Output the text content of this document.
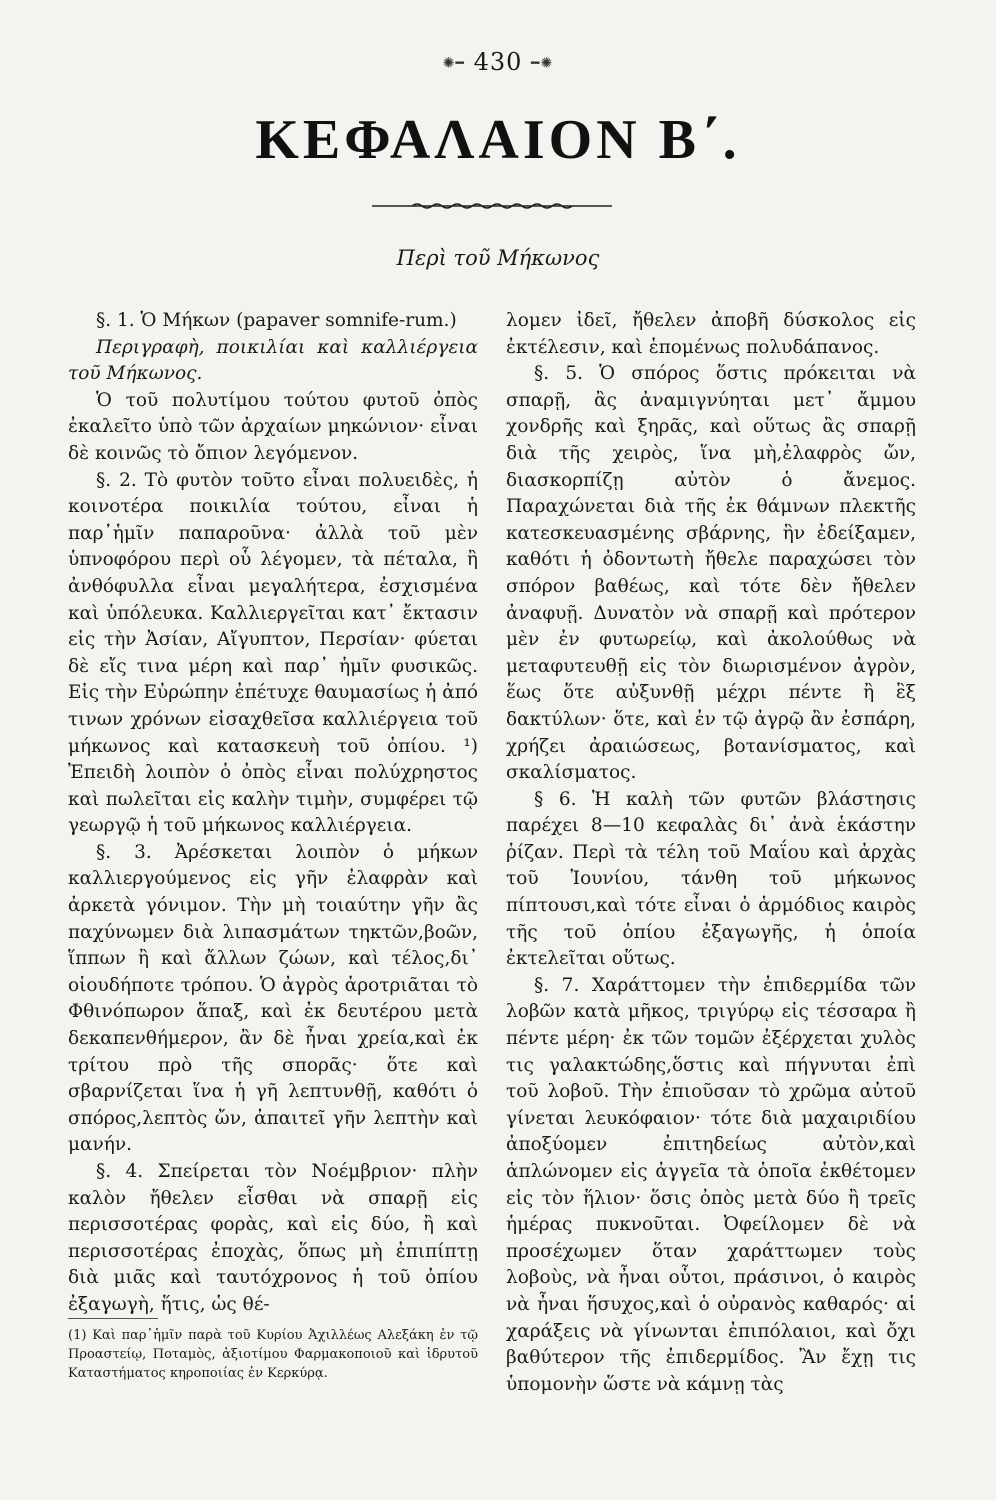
✺━ 430 ━✺
ΚΕΦΑΛΑΙΟΝ Β΄.
Περὶ τοῦ Μήκωνος

§. 1. Ὁ Μήκων (papaver somnife-rum.)

Περιγραφὴ, ποικιλίαι καὶ καλλιέργεια τοῦ Μήκωνος.

Ὁ τοῦ πολυτίμου τούτου φυτοῦ ὀπὸς ἐκαλεῖτο ὑπὸ τῶν ἀρχαίων μηκώνιον· εἶναι δὲ κοινῶς τὸ ὄπιον λεγόμενον.

§. 2. Τὸ φυτὸν τοῦτο εἶναι πολυειδὲς, ἡ κοινοτέρα ποικιλία τούτου, εἶναι ἡ παρ᾽ἡμῖν παπαροῦνα· ἀλλὰ τοῦ μὲν ὑπνοφόρου περὶ οὗ λέγομεν, τὰ πέταλα, ἢ ἀνθόφυλλα εἶναι μεγαλήτερα, ἐσχισμένα καὶ ὑπόλευκα. Καλλιεργεῖται κατ᾽ ἔκτασιν εἰς τὴν Ἀσίαν, Αἴγυπτον, Περσίαν· φύεται δὲ εἴς τινα μέρη καὶ παρ᾽ ἡμῖν φυσικῶς. Εἰς τὴν Εὐρώπην ἐπέτυχε θαυμασίως ἡ ἀπό τινων χρόνων εἰσαχθεῖσα καλλιέργεια τοῦ μήκωνος καὶ κατασκευὴ τοῦ ὀπίου. ¹) Ἐπειδὴ λοιπὸν ὁ ὀπὸς εἶναι πολύχρηστος καὶ πωλεῖται εἰς καλὴν τιμὴν, συμφέρει τῷ γεωργῷ ἡ τοῦ μήκωνος καλλιέργεια.

§. 3. Ἀρέσκεται λοιπὸν ὁ μήκων καλλιεργούμενος εἰς γῆν ἐλαφρὰν καὶ ἀρκετὰ γόνιμον. Τὴν μὴ τοιαύτην γῆν ἂς παχύνωμεν διὰ λιπασμάτων τηκτῶν,βοῶν, ἵππων ἢ καὶ ἄλλων ζώων, καὶ τέλος,δι᾽ οἱουδήποτε τρόπου. Ὁ ἀγρὸς ἀροτριᾶται τὸ Φθινόπωρον ἅπαξ, καὶ ἐκ δευτέρου μετὰ δεκαπενθήμερον, ἂν δὲ ἦναι χρεία,καὶ ἐκ τρίτου πρὸ τῆς σπορᾶς· ὅτε καὶ σβαρνίζεται ἵνα ἡ γῆ λεπτυνθῇ, καθότι ὁ σπόρος,λεπτὸς ὤν, ἀπαιτεῖ γῆν λεπτὴν καὶ μανήν.

§. 4. Σπείρεται τὸν Νοέμβριον· πλὴν καλὸν ἤθελεν εἶσθαι νὰ σπαρῇ εἰς περισσοτέρας φορὰς, καὶ εἰς δύο, ἢ καὶ περισσοτέρας ἐποχὰς, ὅπως μὴ ἐπιπίπτῃ διὰ μιᾶς καὶ ταυτόχρονος ἡ τοῦ ὀπίου ἐξαγωγὴ, ἥτις, ὡς θέ-

λομεν ἰδεῖ, ἤθελεν ἀποβῆ δύσκολος εἰς ἐκτέλεσιν, καὶ ἑπομένως πολυδάπανος.

§. 5. Ὁ σπόρος ὅστις πρόκειται νὰ σπαρῇ, ἂς ἀναμιγνύηται μετ᾽ ἄμμου χονδρῆς καὶ ξηρᾶς, καὶ οὕτως ἂς σπαρῇ διὰ τῆς χειρὸς, ἵνα μὴ,ἐλαφρὸς ὤν, διασκορπίζῃ αὐτὸν ὁ ἄνεμος. Παραχώνεται διὰ τῆς ἐκ θάμνων πλεκτῆς κατεσκευασμένης σβάρνης, ἣν ἐδείξαμεν, καθότι ἡ ὀδοντωτὴ ἤθελε παραχώσει τὸν σπόρον βαθέως, καὶ τότε δὲν ἤθελεν ἀναφυῇ. Δυνατὸν νὰ σπαρῇ καὶ πρότερον μὲν ἐν φυτωρείῳ, καὶ ἀκολούθως νὰ μεταφυτευθῇ εἰς τὸν διωρισμένον ἀγρὸν, ἕως ὅτε αὐξυνθῇ μέχρι πέντε ἢ ἓξ δακτύλων· ὅτε, καὶ ἐν τῷ ἀγρῷ ἂν ἐσπάρη, χρήζει ἀραιώσεως, βοτανίσματος, καὶ σκαλίσματος.

§ 6. Ἡ καλὴ τῶν φυτῶν βλάστησις παρέχει 8—10 κεφαλὰς δι᾽ ἀνὰ ἑκάστην ῥίζαν. Περὶ τὰ τέλη τοῦ Μαΐου καὶ ἀρχὰς τοῦ Ἰουνίου, τάνθη τοῦ μήκωνος πίπτουσι,καὶ τότε εἶναι ὁ ἁρμόδιος καιρὸς τῆς τοῦ ὀπίου ἐξαγωγῆς, ἡ ὁποία ἐκτελεῖται οὕτως.

§. 7. Χαράττομεν τὴν ἐπιδερμίδα τῶν λοβῶν κατὰ μῆκος, τριγύρῳ εἰς τέσσαρα ἢ πέντε μέρη· ἐκ τῶν τομῶν ἐξέρχεται χυλὸς τις γαλακτώδης,ὅστις καὶ πήγνυται ἐπὶ τοῦ λοβοῦ. Τὴν ἐπιοῦσαν τὸ χρῶμα αὐτοῦ γίνεται λευκόφαιον· τότε διὰ μαχαιριδίου ἀποξύομεν ἐπιτηδείως αὐτὸν,καὶ ἁπλώνομεν εἰς ἀγγεῖα τὰ ὁποῖα ἐκθέτομεν εἰς τὸν ἥλιον· ὅσις ὀπὸς μετὰ δύο ἢ τρεῖς ἡμέρας πυκνοῦται. Ὀφείλομεν δὲ νὰ προσέχωμεν ὅταν χαράττωμεν τοὺς λοβοὺς, νὰ ἦναι οὗτοι, πράσινοι, ὁ καιρὸς νὰ ἦναι ἥσυχος,καὶ ὁ οὐρανὸς καθαρός· αἱ χαράξεις νὰ γίνωνται ἐπιπόλαιοι, καὶ ὄχι βαθύτερον τῆς ἐπιδερμίδος. Ἂν ἔχῃ τις ὑπομονὴν ὥστε νὰ κάμνῃ τὰς

(1) Καὶ παρ᾽ἡμῖν παρὰ τοῦ Κυρίου Ἀχιλλέως Αλεξάκη ἐν τῷ Προαστείῳ, Ποταμὸς, ἀξιοτίμου Φαρμακοποιοῦ καὶ ἱδρυτοῦ Καταστήματος κηροποιίας ἐν Κερκύρᾳ.
